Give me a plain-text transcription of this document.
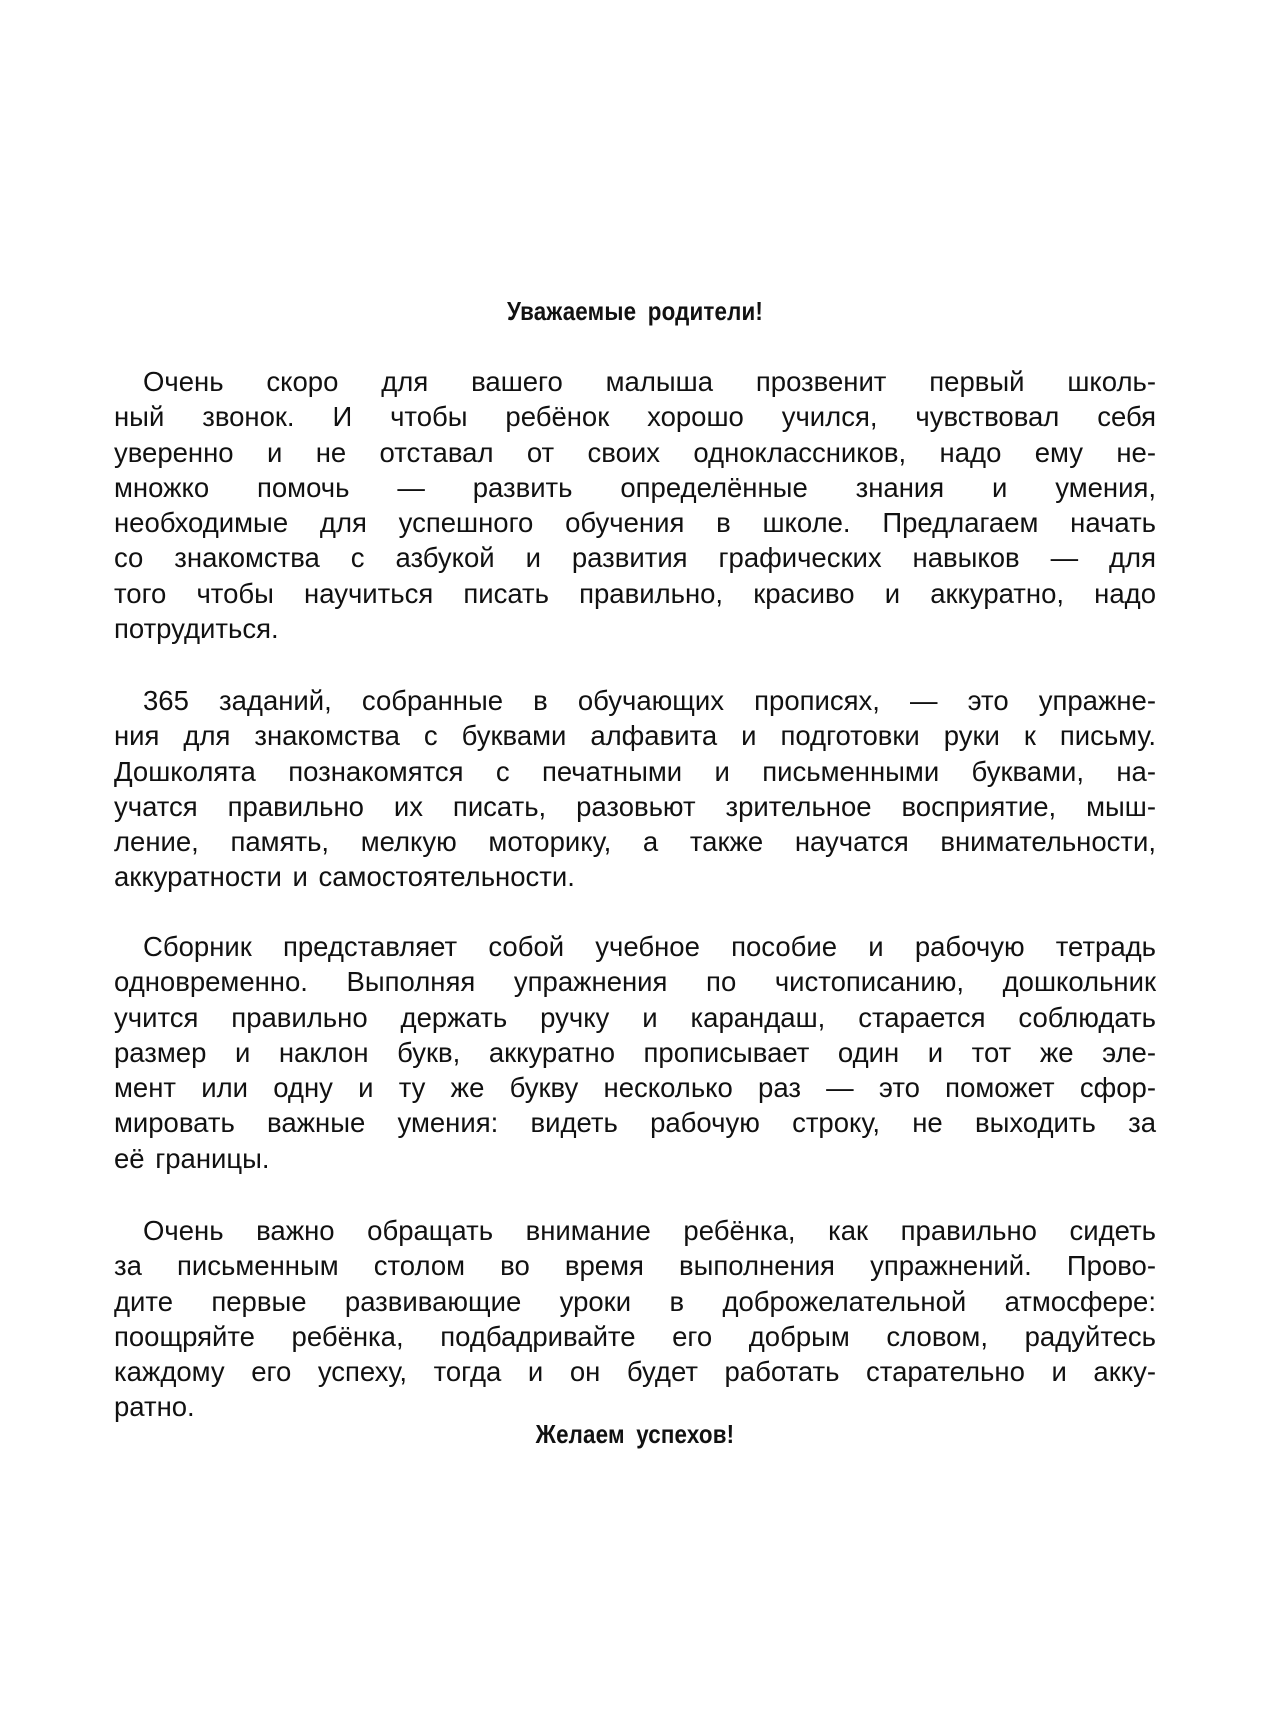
Уважаемые родители!
Очень скоро для вашего малыша прозвенит первый школь-
ный звонок. И чтобы ребёнок хорошо учился, чувствовал себя
уверенно и не отставал от своих одноклассников, надо ему не-
множко помочь — развить определённые знания и умения,
необходимые для успешного обучения в школе. Предлагаем начать
со знакомства с азбукой и развития графических навыков — для
того чтобы научиться писать правильно, красиво и аккуратно, надо
потрудиться.
365 заданий, собранные в обучающих прописях, — это упражне-
ния для знакомства с буквами алфавита и подготовки руки к письму.
Дошколята познакомятся с печатными и письменными буквами, на-
учатся правильно их писать, разовьют зрительное восприятие, мыш-
ление, память, мелкую моторику, а также научатся внимательности,
аккуратности и самостоятельности.
Сборник представляет собой учебное пособие и рабочую тетрадь
одновременно. Выполняя упражнения по чистописанию, дошкольник
учится правильно держать ручку и карандаш, старается соблюдать
размер и наклон букв, аккуратно прописывает один и тот же эле-
мент или одну и ту же букву несколько раз — это поможет сфор-
мировать важные умения: видеть рабочую строку, не выходить за
её границы.
Очень важно обращать внимание ребёнка, как правильно сидеть
за письменным столом во время выполнения упражнений. Прово-
дите первые развивающие уроки в доброжелательной атмосфере:
поощряйте ребёнка, подбадривайте его добрым словом, радуйтесь
каждому его успеху, тогда и он будет работать старательно и акку-
ратно.
Желаем успехов!
